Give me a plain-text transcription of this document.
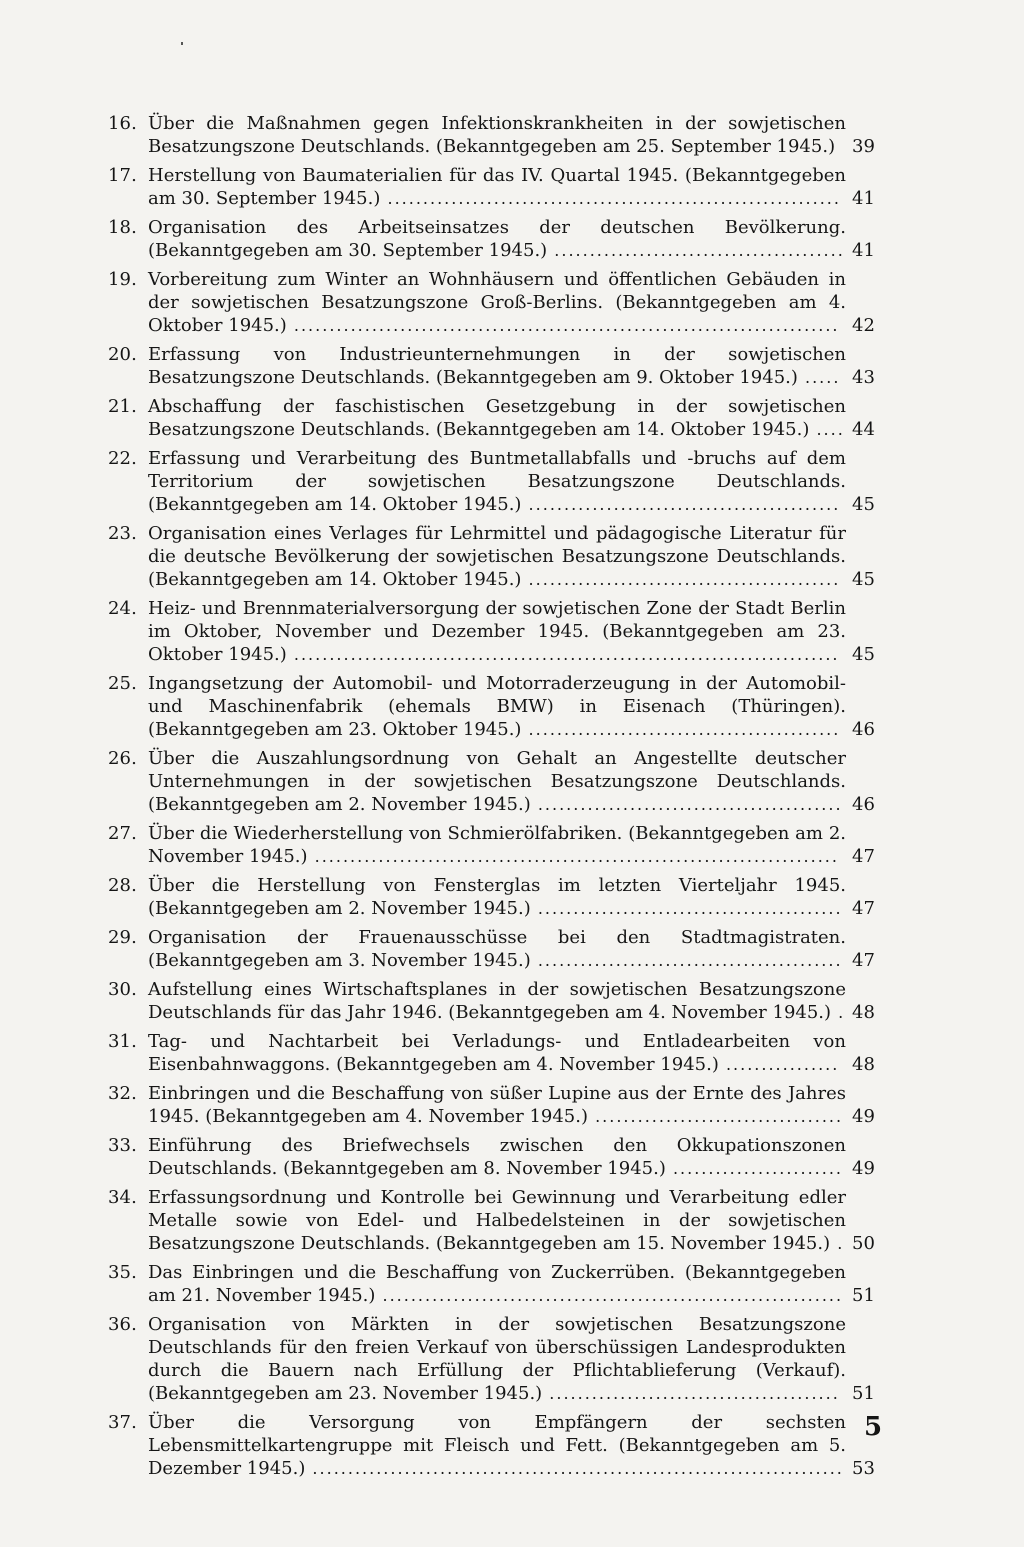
16. Über die Maßnahmen gegen Infektionskrankheiten in der sowjetischen Besatzungszone Deutschlands. (Bekanntgegeben am 25. September 1945.) 39
17. Herstellung von Baumaterialien für das IV. Quartal 1945. (Bekanntgegeben am 30. September 1945.) ................................................................ 41
18. Organisation des Arbeitseinsatzes der deutschen Bevölkerung. (Bekanntgegeben am 30. September 1945.) ......................................... 41
19. Vorbereitung zum Winter an Wohnhäusern und öffentlichen Gebäuden in der sowjetischen Besatzungszone Groß-Berlins. (Bekanntgegeben am 4. Oktober 1945.) ............................................................................. 42
20. Erfassung von Industrieunternehmungen in der sowjetischen Besatzungszone Deutschlands. (Bekanntgegeben am 9. Oktober 1945.) ..... 43
21. Abschaffung der faschistischen Gesetzgebung in der sowjetischen Besatzungszone Deutschlands. (Bekanntgegeben am 14. Oktober 1945.) .... 44
22. Erfassung und Verarbeitung des Buntmetallabfalls und -bruchs auf dem Territorium der sowjetischen Besatzungszone Deutschlands. (Bekanntgegeben am 14. Oktober 1945.) ............................................ 45
23. Organisation eines Verlages für Lehrmittel und pädagogische Literatur für die deutsche Bevölkerung der sowjetischen Besatzungszone Deutschlands. (Bekanntgegeben am 14. Oktober 1945.) ............................................ 45
24. Heiz- und Brennmaterialversorgung der sowjetischen Zone der Stadt Berlin im Oktober, November und Dezember 1945. (Bekanntgegeben am 23. Oktober 1945.) ............................................................................. 45
25. Ingangsetzung der Automobil- und Motorraderzeugung in der Automobil- und Maschinenfabrik (ehemals BMW) in Eisenach (Thüringen). (Bekanntgegeben am 23. Oktober 1945.) ............................................ 46
26. Über die Auszahlungsordnung von Gehalt an Angestellte deutscher Unternehmungen in der sowjetischen Besatzungszone Deutschlands. (Bekanntgegeben am 2. November 1945.) ........................................... 46
27. Über die Wiederherstellung von Schmierölfabriken. (Bekanntgegeben am 2. November 1945.) .......................................................................... 47
28. Über die Herstellung von Fensterglas im letzten Vierteljahr 1945. (Bekanntgegeben am 2. November 1945.) ........................................... 47
29. Organisation der Frauenausschüsse bei den Stadtmagistraten. (Bekanntgegeben am 3. November 1945.) ........................................... 47
30. Aufstellung eines Wirtschaftsplanes in der sowjetischen Besatzungszone Deutschlands für das Jahr 1946. (Bekanntgegeben am 4. November 1945.) . 48
31. Tag- und Nachtarbeit bei Verladungs- und Entladearbeiten von Eisenbahnwaggons. (Bekanntgegeben am 4. November 1945.) ................ 48
32. Einbringen und die Beschaffung von süßer Lupine aus der Ernte des Jahres 1945. (Bekanntgegeben am 4. November 1945.) ................................... 49
33. Einführung des Briefwechsels zwischen den Okkupationszonen Deutschlands. (Bekanntgegeben am 8. November 1945.) ........................ 49
34. Erfassungsordnung und Kontrolle bei Gewinnung und Verarbeitung edler Metalle sowie von Edel- und Halbedelsteinen in der sowjetischen Besatzungszone Deutschlands. (Bekanntgegeben am 15. November 1945.) . 50
35. Das Einbringen und die Beschaffung von Zuckerrüben. (Bekanntgegeben am 21. November 1945.) ................................................................. 51
36. Organisation von Märkten in der sowjetischen Besatzungszone Deutschlands für den freien Verkauf von überschüssigen Landesprodukten durch die Bauern nach Erfüllung der Pflichtablieferung (Verkauf). (Bekanntgegeben am 23. November 1945.) ......................................... 51
37. Über die Versorgung von Empfängern der sechsten Lebensmittelkartengruppe mit Fleisch und Fett. (Bekanntgegeben am 5. Dezember 1945.) ........................................................................... 53
5
